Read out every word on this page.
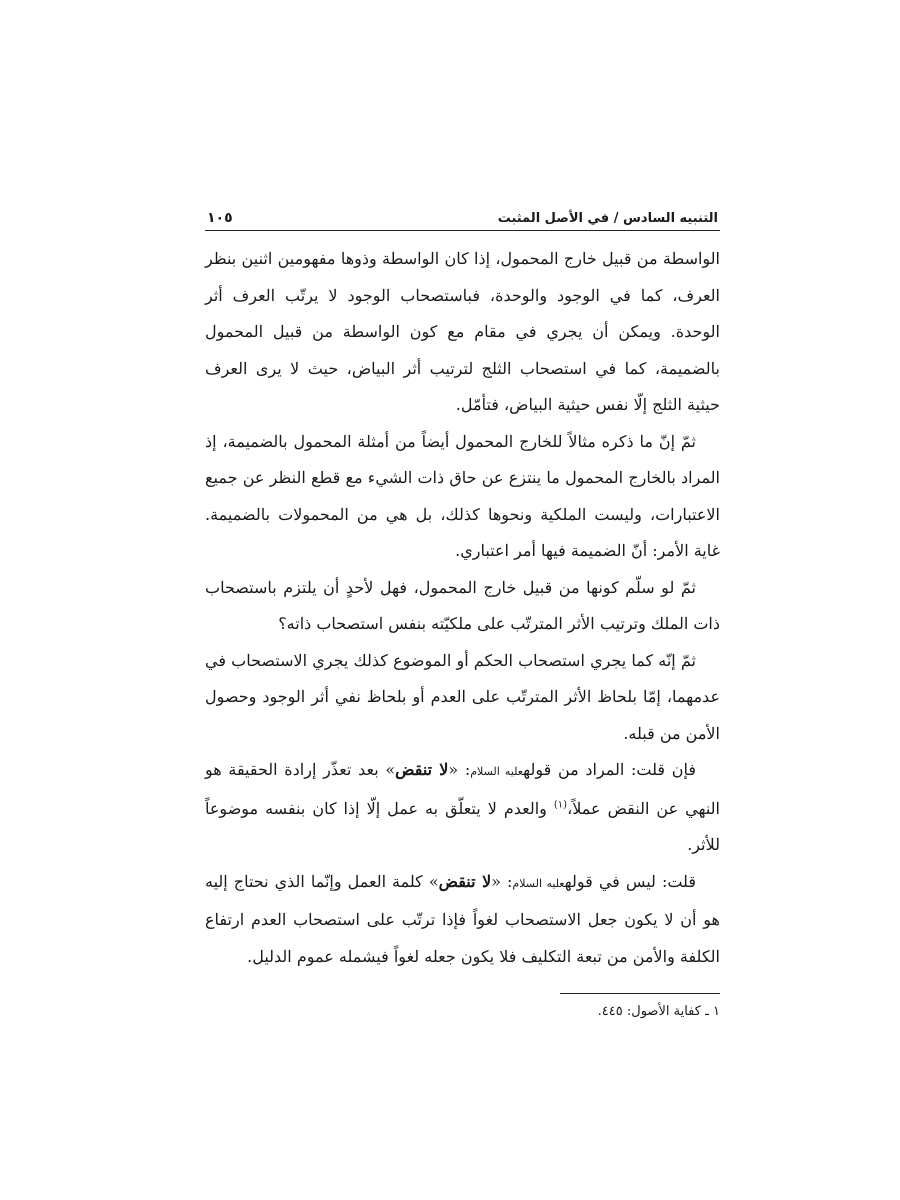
التنبيه السادس / في الأصل المثبت
١٠٥

الواسطة من قبيل خارج المحمول، إذا كان الواسطة وذوها مفهومين اثنين بنظر العرف، كما في الوجود والوحدة، فباستصحاب الوجود لا يرتّب العرف أثر الوحدة. ويمكن أن يجري في مقام مع كون الواسطة من قبيل المحمول بالضميمة، كما في استصحاب الثلج لترتيب أثر البياض، حيث لا يرى العرف حيثية الثلج إلّا نفس حيثية البياض، فتأمّل.

ثمّ إنّ ما ذكره مثالاً للخارج المحمول أيضاً من أمثلة المحمول بالضميمة، إذ المراد بالخارج المحمول ما ينتزع عن حاق ذات الشيء مع قطع النظر عن جميع الاعتبارات، وليست الملكية ونحوها كذلك، بل هي من المحمولات بالضميمة. غاية الأمر: أنّ الضميمة فيها أمر اعتباري.

ثمّ لو سلّم كونها من قبيل خارج المحمول، فهل لأحدٍ أن يلتزم باستصحاب ذات الملك وترتيب الأثر المترتّب على ملكيّته بنفس استصحاب ذاته؟

ثمّ إنّه كما يجري استصحاب الحكم أو الموضوع كذلك يجري الاستصحاب في عدمهما، إمّا بلحاظ الأثر المترتّب على العدم أو بلحاظ نفي أثر الوجود وحصول الأمن من قبله.

فإن قلت: المراد من قولهعليه السلام: «لا تنقض» بعد تعذّر إرادة الحقيقة هو النهي عن النقض عملاً،$^{(١)}$ والعدم لا يتعلّق به عمل إلّا إذا كان بنفسه موضوعاً للأثر.

قلت: ليس في قولهعليه السلام: «لا تنقض» كلمة العمل وإنّما الذي نحتاج إليه هو أن لا يكون جعل الاستصحاب لغواً فإذا ترتّب على استصحاب العدم ارتفاع الكلفة والأمن من تبعة التكليف فلا يكون جعله لغواً فيشمله عموم الدليل.

١ ـ كفاية الأصول: ٤٤٥.
